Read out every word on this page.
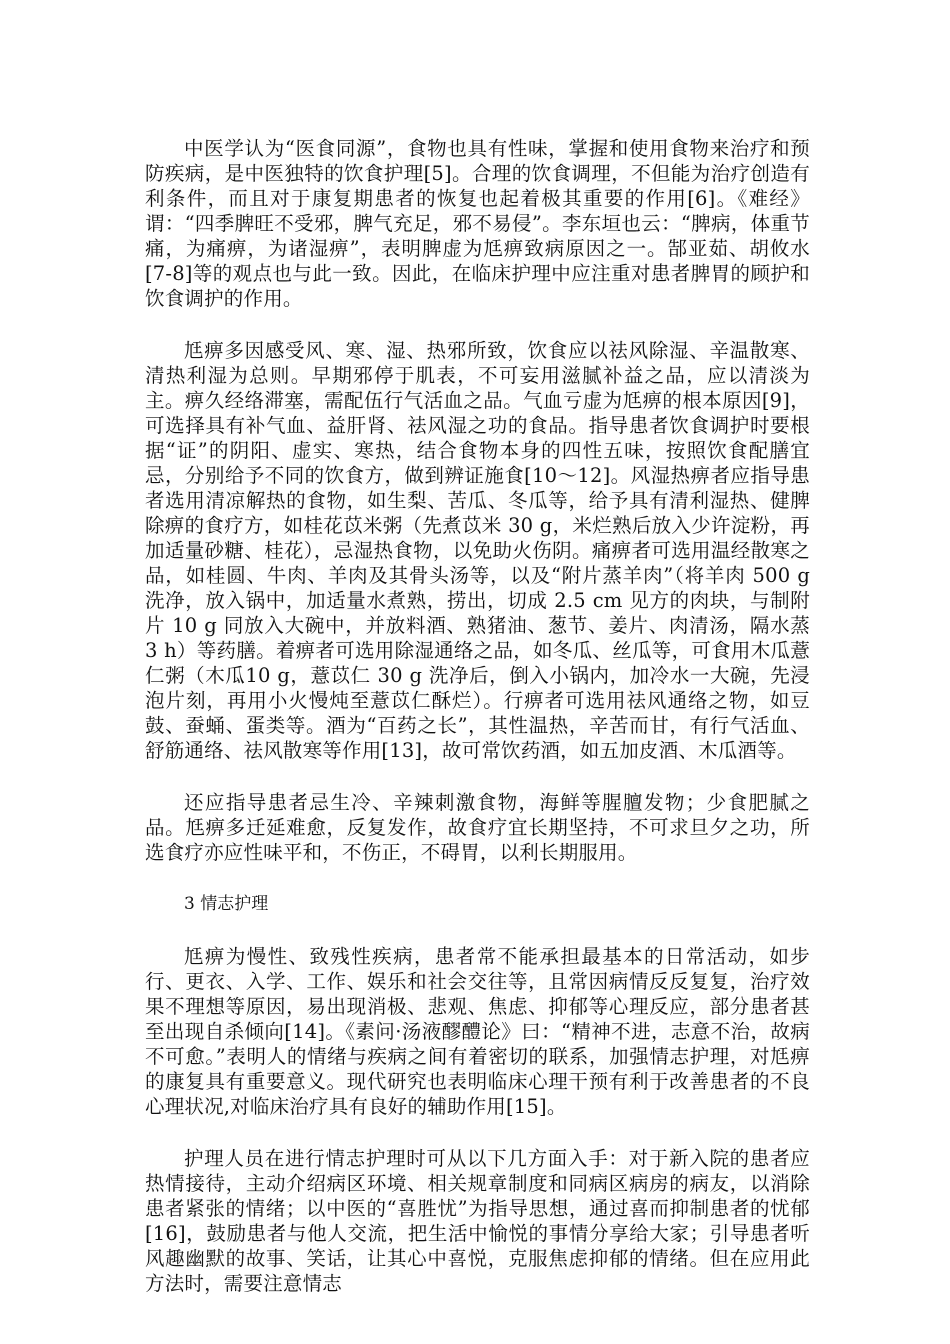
中医学认为“医食同源”，食物也具有性味，掌握和使用食物来治疗和预防疾病，是中医独特的饮食护理[5]。合理的饮食调理，不但能为治疗创造有利条件，而且对于康复期患者的恢复也起着极其重要的作用[6]。《难经》谓：“四季脾旺不受邪，脾气充足，邪不易侵”。李东垣也云：“脾病，体重节痛，为痛痹，为诸湿痹”，表明脾虚为尪痹致病原因之一。郜亚茹、胡攸水[7-8]等的观点也与此一致。因此，在临床护理中应注重对患者脾胃的顾护和饮食调护的作用。

尪痹多因感受风、寒、湿、热邪所致，饮食应以祛风除湿、辛温散寒、清热利湿为总则。早期邪停于肌表，不可妄用滋腻补益之品，应以清淡为主。痹久经络滞塞，需配伍行气活血之品。气血亏虚为尪痹的根本原因[9]，可选择具有补气血、益肝肾、祛风湿之功的食品。指导患者饮食调护时要根据“证”的阴阳、虚实、寒热，结合食物本身的四性五味，按照饮食配膳宜忌，分别给予不同的饮食方，做到辨证施食[10～12]。风湿热痹者应指导患者选用清凉解热的食物，如生梨、苦瓜、冬瓜等，给予具有清利湿热、健脾除痹的食疗方，如桂花苡米粥（先煮苡米 30 g，米烂熟后放入少许淀粉，再加适量砂糖、桂花），忌湿热食物，以免助火伤阴。痛痹者可选用温经散寒之品，如桂圆、牛肉、羊肉及其骨头汤等，以及“附片蒸羊肉”（将羊肉 500 g 洗净，放入锅中，加适量水煮熟，捞出，切成 2.5 cm 见方的肉块，与制附片 10 g 同放入大碗中，并放料酒、熟猪油、葱节、姜片、肉清汤，隔水蒸 3 h）等药膳。着痹者可选用除湿通络之品，如冬瓜、丝瓜等，可食用木瓜薏仁粥（木瓜10 g，薏苡仁 30 g 洗净后，倒入小锅内，加冷水一大碗，先浸泡片刻，再用小火慢炖至薏苡仁酥烂）。行痹者可选用祛风通络之物，如豆鼓、蚕蛹、蛋类等。酒为“百药之长”，其性温热，辛苦而甘，有行气活血、舒筋通络、祛风散寒等作用[13]，故可常饮药酒，如五加皮酒、木瓜酒等。

还应指导患者忌生冷、辛辣刺激食物，海鲜等腥膻发物；少食肥腻之品。尪痹多迁延难愈，反复发作，故食疗宜长期坚持，不可求旦夕之功，所选食疗亦应性味平和，不伤正，不碍胃，以利长期服用。

3 情志护理

尪痹为慢性、致残性疾病，患者常不能承担最基本的日常活动，如步行、更衣、入学、工作、娱乐和社会交往等，且常因病情反反复复，治疗效果不理想等原因，易出现消极、悲观、焦虑、抑郁等心理反应，部分患者甚至出现自杀倾向[14]。《素问·汤液醪醴论》曰：“精神不进，志意不治，故病不可愈。”表明人的情绪与疾病之间有着密切的联系，加强情志护理，对尪痹的康复具有重要意义。现代研究也表明临床心理干预有利于改善患者的不良心理状况,对临床治疗具有良好的辅助作用[15]。

护理人员在进行情志护理时可从以下几方面入手：对于新入院的患者应热情接待，主动介绍病区环境、相关规章制度和同病区病房的病友，以消除患者紧张的情绪；以中医的“喜胜忧”为指导思想，通过喜而抑制患者的忧郁[16]，鼓励患者与他人交流，把生活中愉悦的事情分享给大家；引导患者听风趣幽默的故事、笑话，让其心中喜悦，克服焦虑抑郁的情绪。但在应用此方法时，需要注意情志
